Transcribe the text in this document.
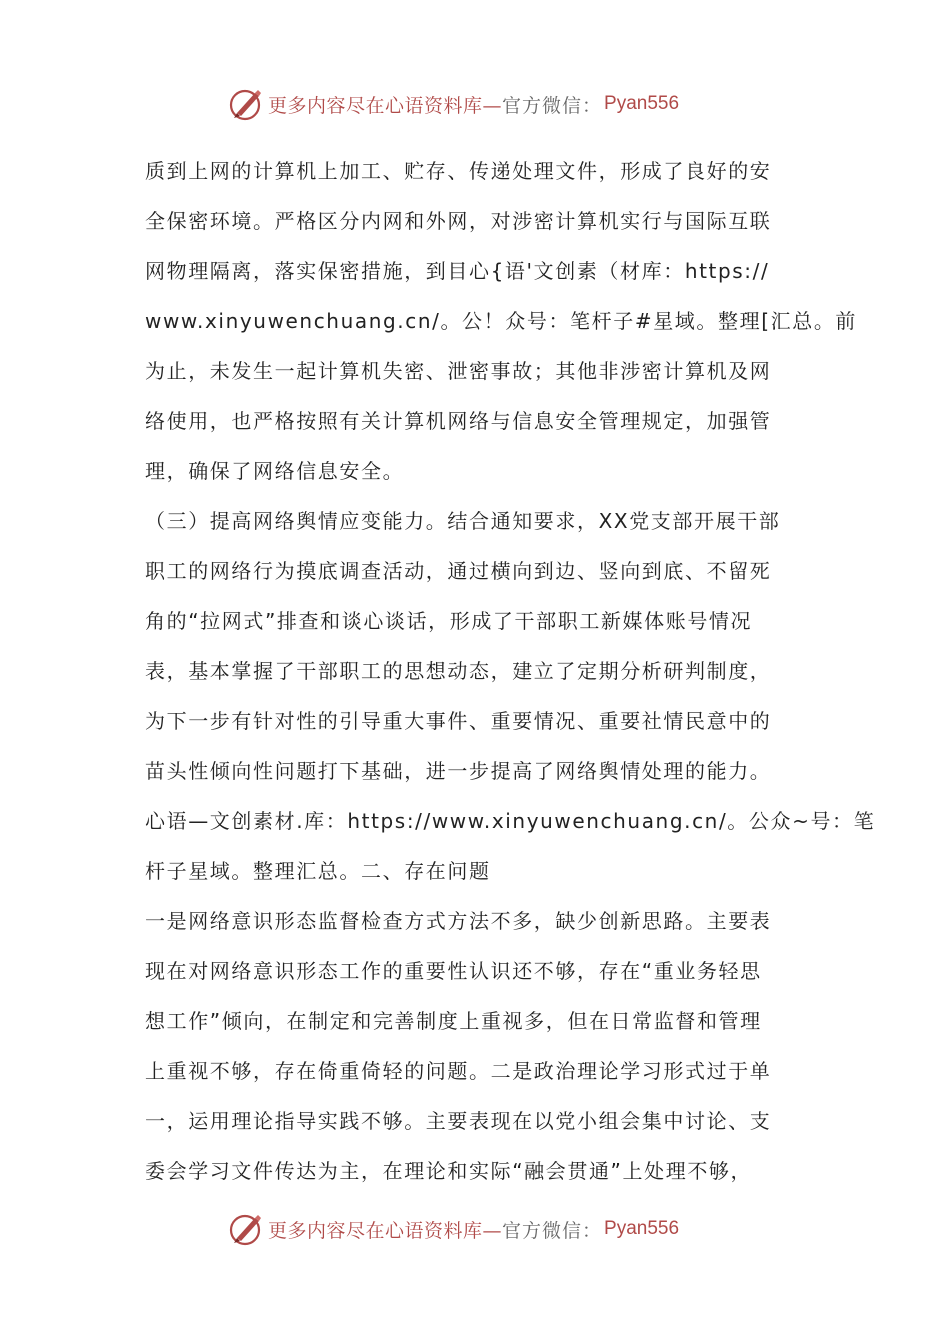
更多内容尽在心语资料库— 官方微信： Pyan556
质到上网的计算机上加工、贮存、传递处理文件，形成了良好的安
全保密环境。严格区分内网和外网，对涉密计算机实行与国际互联
网物理隔离，落实保密措施，到目心{语'文创素（材库：https://
www.xinyuwenchuang.cn/。公！众号：笔杆子#星域。整理[汇总。前
为止，未发生一起计算机失密、泄密事故；其他非涉密计算机及网
络使用，也严格按照有关计算机网络与信息安全管理规定，加强管
理，确保了网络信息安全。
（三）提高网络舆情应变能力。结合通知要求，XX党支部开展干部
职工的网络行为摸底调查活动，通过横向到边、竖向到底、不留死
角的“拉网式”排查和谈心谈话，形成了干部职工新媒体账号情况
表，基本掌握了干部职工的思想动态，建立了定期分析研判制度，
为下一步有针对性的引导重大事件、重要情况、重要社情民意中的
苗头性倾向性问题打下基础，进一步提高了网络舆情处理的能力。
心语—文创素材.库：https://www.xinyuwenchuang.cn/。公众~号：笔
杆子星域。整理汇总。二、存在问题
一是网络意识形态监督检查方式方法不多，缺少创新思路。主要表
现在对网络意识形态工作的重要性认识还不够，存在“重业务轻思
想工作”倾向，在制定和完善制度上重视多，但在日常监督和管理
上重视不够，存在倚重倚轻的问题。二是政治理论学习形式过于单
一，运用理论指导实践不够。主要表现在以党小组会集中讨论、支
委会学习文件传达为主，在理论和实际“融会贯通”上处理不够，
更多内容尽在心语资料库— 官方微信： Pyan556
